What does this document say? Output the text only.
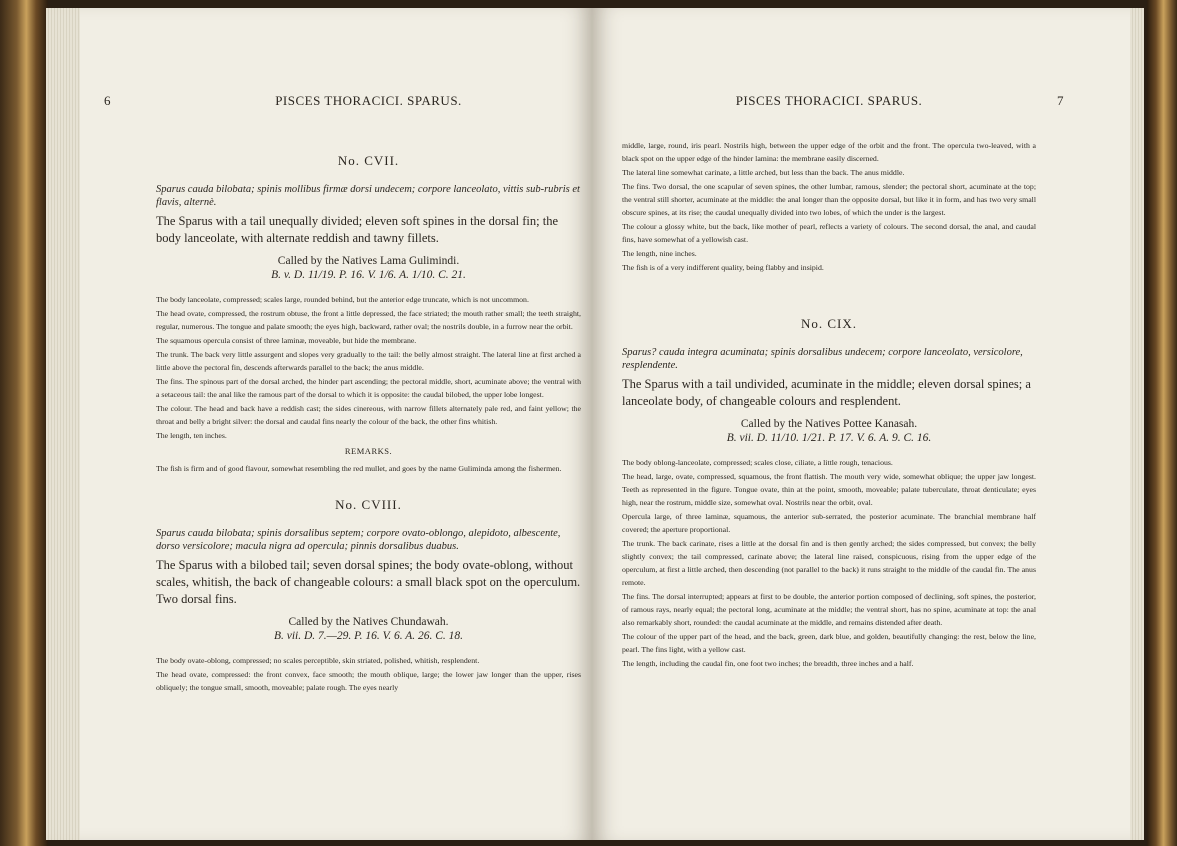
6	PISCES THORACICI. SPARUS.
No. CVII.
Sparus cauda bilobata; spinis mollibus firmæ dorsi undecem; corpore lanceolato, vittis sub-rubris et flavis, alternè.
The Sparus with a tail unequally divided; eleven soft spines in the dorsal fin; the body lanceolate, with alternate reddish and tawny fillets.
Called by the Natives Lama Gulimindi.
B. v. D. 11/19. P. 16. V. 1/6. A. 1/10. C. 21.

The body lanceolate, compressed; scales large, rounded behind, but the anterior edge truncate, which is not uncommon.

The head ovate, compressed, the rostrum obtuse, the front a little depressed, the face striated; the mouth rather small; the teeth straight, regular, numerous. The tongue and palate smooth; the eyes high, backward, rather oval; the nostrils double, in a furrow near the orbit.

The squamous opercula consist of three laminæ, moveable, but hide the membrane.

The trunk. The back very little assurgent and slopes very gradually to the tail: the belly almost straight. The lateral line at first arched a little above the pectoral fin, descends afterwards parallel to the back; the anus middle.

The fins. The spinous part of the dorsal arched, the hinder part ascending; the pectoral middle, short, acuminate above; the ventral with a setaceous tail: the anal like the ramous part of the dorsal to which it is opposite: the caudal bilobed, the upper lobe longest.

The colour. The head and back have a reddish cast; the sides cinereous, with narrow fillets alternately pale red, and faint yellow; the throat and belly a bright silver: the dorsal and caudal fins nearly the colour of the back, the other fins whitish.

The length, ten inches.

REMARKS.

The fish is firm and of good flavour, somewhat resembling the red mullet, and goes by the name Guliminda among the fishermen.

No. CVIII.
Sparus cauda bilobata; spinis dorsalibus septem; corpore ovato-oblongo, alepidoto, albescente, dorso versicolore; macula nigra ad opercula; pinnis dorsalibus duabus.
The Sparus with a bilobed tail; seven dorsal spines; the body ovate-oblong, without scales, whitish, the back of changeable colours: a small black spot on the operculum. Two dorsal fins.
Called by the Natives Chundawah.
B. vii. D. 7.—29. P. 16. V. 6. A. 26. C. 18.

The body ovate-oblong, compressed; no scales perceptible, skin striated, polished, whitish, resplendent.

The head ovate, compressed: the front convex, face smooth; the mouth oblique, large; the lower jaw longer than the upper, rises obliquely; the tongue small, smooth, moveable; palate rough. The eyes nearly

PISCES THORACICI. SPARUS.	7

middle, large, round, iris pearl. Nostrils high, between the upper edge of the orbit and the front. The opercula two-leaved, with a black spot on the upper edge of the hinder lamina: the membrane easily discerned.

The lateral line somewhat carinate, a little arched, but less than the back. The anus middle.

The fins. Two dorsal, the one scapular of seven spines, the other lumbar, ramous, slender; the pectoral short, acuminate at the top; the ventral still shorter, acuminate at the middle: the anal longer than the opposite dorsal, but like it in form, and has two very small obscure spines, at its rise; the caudal unequally divided into two lobes, of which the under is the largest.

The colour a glossy white, but the back, like mother of pearl, reflects a variety of colours. The second dorsal, the anal, and caudal fins, have somewhat of a yellowish cast.

The length, nine inches.

The fish is of a very indifferent quality, being flabby and insipid.

No. CIX.
Sparus? cauda integra acuminata; spinis dorsalibus undecem; corpore lanceolato, versicolore, resplendente.
The Sparus with a tail undivided, acuminate in the middle; eleven dorsal spines; a lanceolate body, of changeable colours and resplendent.
Called by the Natives Pottee Kanasah.
B. vii. D. 11/10. 1/21. P. 17. V. 6. A. 9. C. 16.

The body oblong-lanceolate, compressed; scales close, ciliate, a little rough, tenacious.

The head, large, ovate, compressed, squamous, the front flattish. The mouth very wide, somewhat oblique; the upper jaw longest. Teeth as represented in the figure. Tongue ovate, thin at the point, smooth, moveable; palate tuberculate, throat denticulate; eyes high, near the rostrum, middle size, somewhat oval. Nostrils near the orbit, oval.

Opercula large, of three laminæ, squamous, the anterior sub-serrated, the posterior acuminate. The branchial membrane half covered; the aperture proportional.

The trunk. The back carinate, rises a little at the dorsal fin and is then gently arched; the sides compressed, but convex; the belly slightly convex; the tail compressed, carinate above; the lateral line raised, conspicuous, rising from the upper edge of the operculum, at first a little arched, then descending (not parallel to the back) it runs straight to the middle of the caudal fin. The anus remote.

The fins. The dorsal interrupted; appears at first to be double, the anterior portion composed of declining, soft spines, the posterior, of ramous rays, nearly equal; the pectoral long, acuminate at the middle; the ventral short, has no spine, acuminate at top: the anal also remarkably short, rounded: the caudal acuminate at the middle, and remains distended after death.

The colour of the upper part of the head, and the back, green, dark blue, and golden, beautifully changing: the rest, below the line, pearl. The fins light, with a yellow cast.

The length, including the caudal fin, one foot two inches; the breadth, three inches and a half.
